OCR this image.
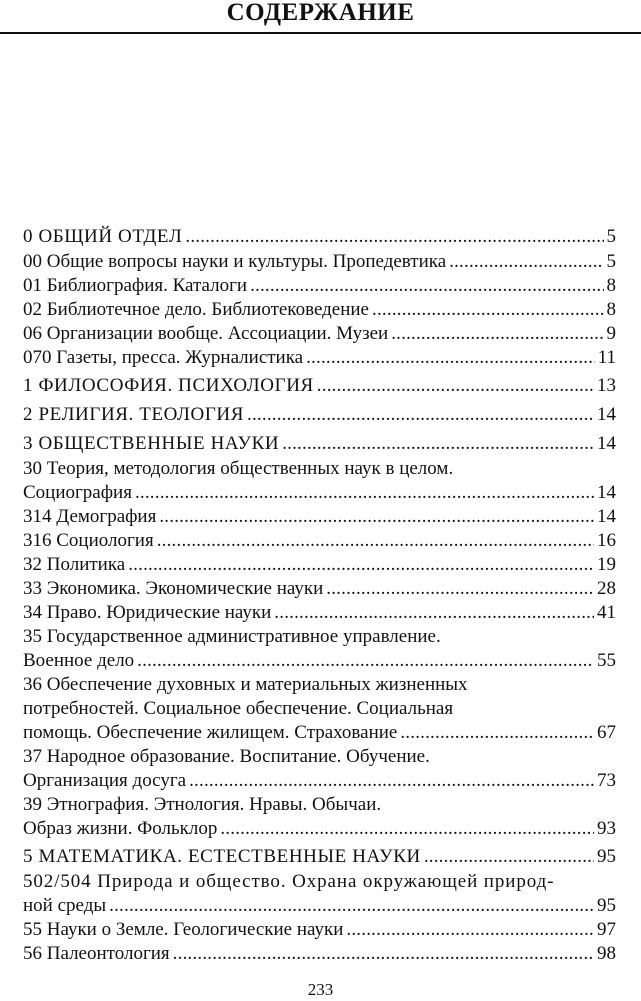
СОДЕРЖАНИЕ
0 ОБЩИЙ ОТДЕЛ .....	5
00 Общие вопросы науки и культуры. Пропедевтика .....	5
01 Библиография. Каталоги .....	8
02 Библиотечное дело. Библиотековедение .....	8
06 Организации вообще. Ассоциации. Музеи .....	9
070 Газеты, пресса. Журналистика .....	11
1 ФИЛОСОФИЯ. ПСИХОЛОГИЯ .....	13
2 РЕЛИГИЯ. ТЕОЛОГИЯ .....	14
3 ОБЩЕСТВЕННЫЕ НАУКИ .....	14
30 Теория, методология общественных наук в целом.
Социография .....	14
314 Демография .....	14
316 Социология .....	16
32 Политика .....	19
33 Экономика. Экономические науки .....	28
34 Право. Юридические науки .....	41
35 Государственное административное управление.
Военное дело .....	55
36 Обеспечение духовных и материальных жизненных
потребностей. Социальное обеспечение. Социальная
помощь. Обеспечение жилищем. Страхование .....	67
37 Народное образование. Воспитание. Обучение.
Организация досуга .....	73
39 Этнография. Этнология. Нравы. Обычаи.
Образ жизни. Фольклор .....	93
5 МАТЕМАТИКА. ЕСТЕСТВЕННЫЕ НАУКИ .....	95
502/504 Природа и общество. Охрана окружающей природ-
ной среды .....	95
55 Науки о Земле. Геологические науки .....	97
56 Палеонтология .....	98
233
